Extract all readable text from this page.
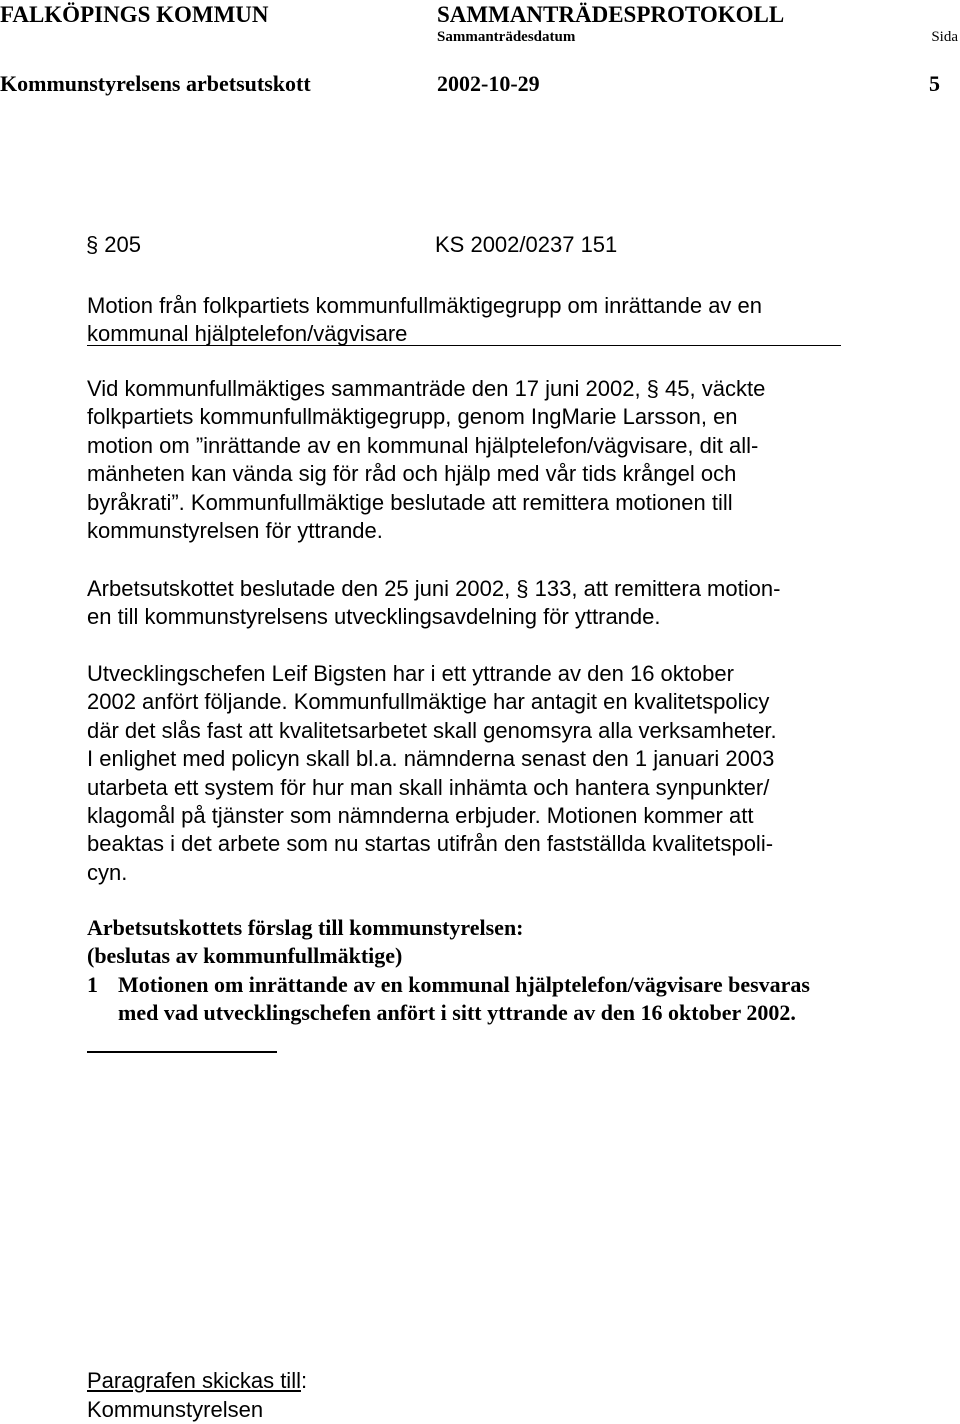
FALKÖPINGS KOMMUN	SAMMANTRÄDESPROTOKOLL
Sammanträdesdatum	Sida
Kommunstyrelsens arbetsutskott	2002-10-29	5
§ 205	KS 2002/0237 151
Motion från folkpartiets kommunfullmäktigegrupp om inrättande av en
kommunal hjälptelefon/vägvisare
Vid kommunfullmäktiges sammanträde den 17 juni 2002, § 45, väckte
folkpartiets kommunfullmäktigegrupp, genom IngMarie Larsson, en
motion om ”inrättande av en kommunal hjälptelefon/vägvisare, dit all-
mänheten kan vända sig för råd och hjälp med vår tids krångel och
byråkrati”. Kommunfullmäktige beslutade att remittera motionen till
kommunstyrelsen för yttrande.
Arbetsutskottet beslutade den 25 juni 2002, § 133, att remittera motion-
en till kommunstyrelsens utvecklingsavdelning för yttrande.
Utvecklingschefen Leif Bigsten har i ett yttrande av den 16 oktober
2002 anfört följande. Kommunfullmäktige har antagit en kvalitetspolicy
där det slås fast att kvalitetsarbetet skall genomsyra alla verksamheter.
I enlighet med policyn skall bl.a. nämnderna senast den 1 januari 2003
utarbeta ett system för hur man skall inhämta och hantera synpunkter/
klagomål på tjänster som nämnderna erbjuder. Motionen kommer att
beaktas i det arbete som nu startas utifrån den fastställda kvalitetspoli-
cyn.
Arbetsutskottets förslag till kommunstyrelsen:
(beslutas av kommunfullmäktige)
1 Motionen om inrättande av en kommunal hjälptelefon/vägvisare besvaras
med vad utvecklingschefen anfört i sitt yttrande av den 16 oktober 2002.
Paragrafen skickas till:
Kommunstyrelsen
